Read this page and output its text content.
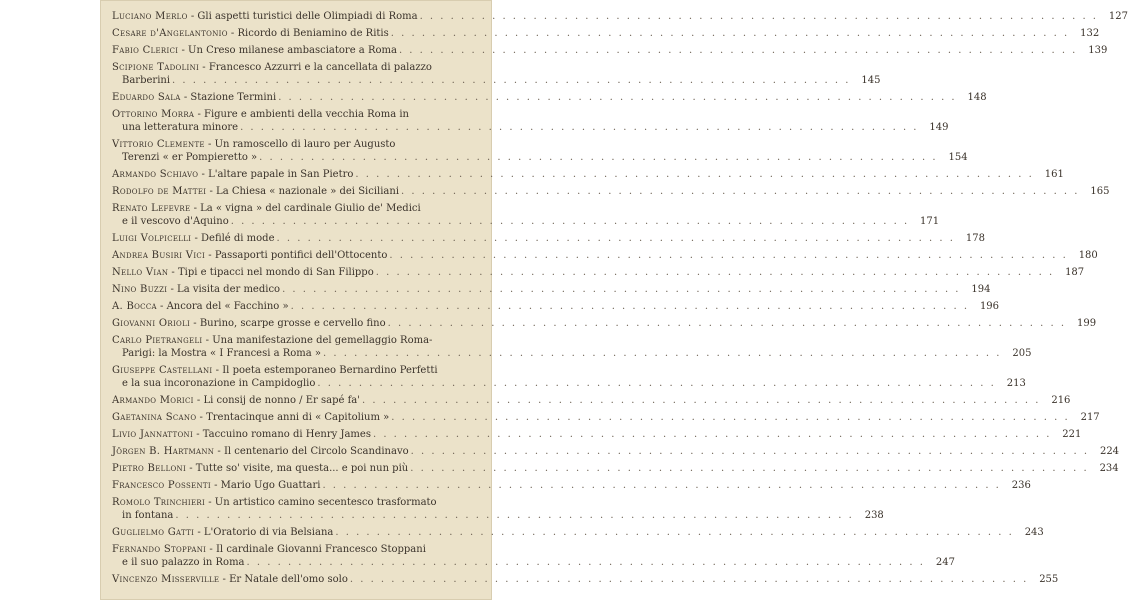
Luciano Merlo - Gli aspetti turistici delle Olimpiadi di Roma . . .	127
Cesare d'Angelantonio - Ricordo di Beniamino de Ritis . . .	132
Fabio Clerici - Un Creso milanese ambasciatore a Roma . . .	139
Scipione Tadolini - Francesco Azzurri e la cancellata di palazzo
Barberini . . .	145
Eduardo Sala - Stazione Termini . . .	148
Ottorino Morra - Figure e ambienti della vecchia Roma in
una letteratura minore . . .	149
Vittorio Clemente - Un ramoscello di lauro per Augusto
Terenzi « er Pompieretto » . . .	154
Armando Schiavo - L'altare papale in San Pietro . . .	161
Rodolfo de Mattei - La Chiesa « nazionale » dei Siciliani . . .	165
Renato Lefevre - La « vigna » del cardinale Giulio de' Medici
e il vescovo d'Aquino . . .	171
Luigi Volpicelli - Defilé di mode . . .	178
Andrea Busiri Vici - Passaporti pontifici dell'Ottocento . . .	180
Nello Vian - Tipi e tipacci nel mondo di San Filippo . . .	187
Nino Buzzi - La visita der medico . . .	194
A. Bocca - Ancora del « Facchino » . . .	196
Giovanni Orioli - Burino, scarpe grosse e cervello fino . . .	199
Carlo Pietrangeli - Una manifestazione del gemellaggio Roma-
Parigi: la Mostra « I Francesi a Roma » . . .	205
Giuseppe Castellani - Il poeta estemporaneo Bernardino Perfetti
e la sua incoronazione in Campidoglio . . .	213
Armando Morici - Li consij de nonno / Er sapé fa' . . .	216
Gaetanina Scano - Trentacinque anni di « Capitolium » . . .	217
Livio Jannattoni - Taccuino romano di Henry James . . .	221
Jörgen B. Hartmann - Il centenario del Circolo Scandinavo . . .	224
Pietro Belloni - Tutte so' visite, ma questa... e poi nun più . . .	234
Francesco Possenti - Mario Ugo Guattari . . .	236
Romolo Trinchieri - Un artistico camino secentesco trasformato
in fontana . . .	238
Guglielmo Gatti - L'Oratorio di via Belsiana . . .	243
Fernando Stoppani - Il cardinale Giovanni Francesco Stoppani
e il suo palazzo in Roma . . .	247
Vincenzo Misserville - Er Natale dell'omo solo . . .	255
